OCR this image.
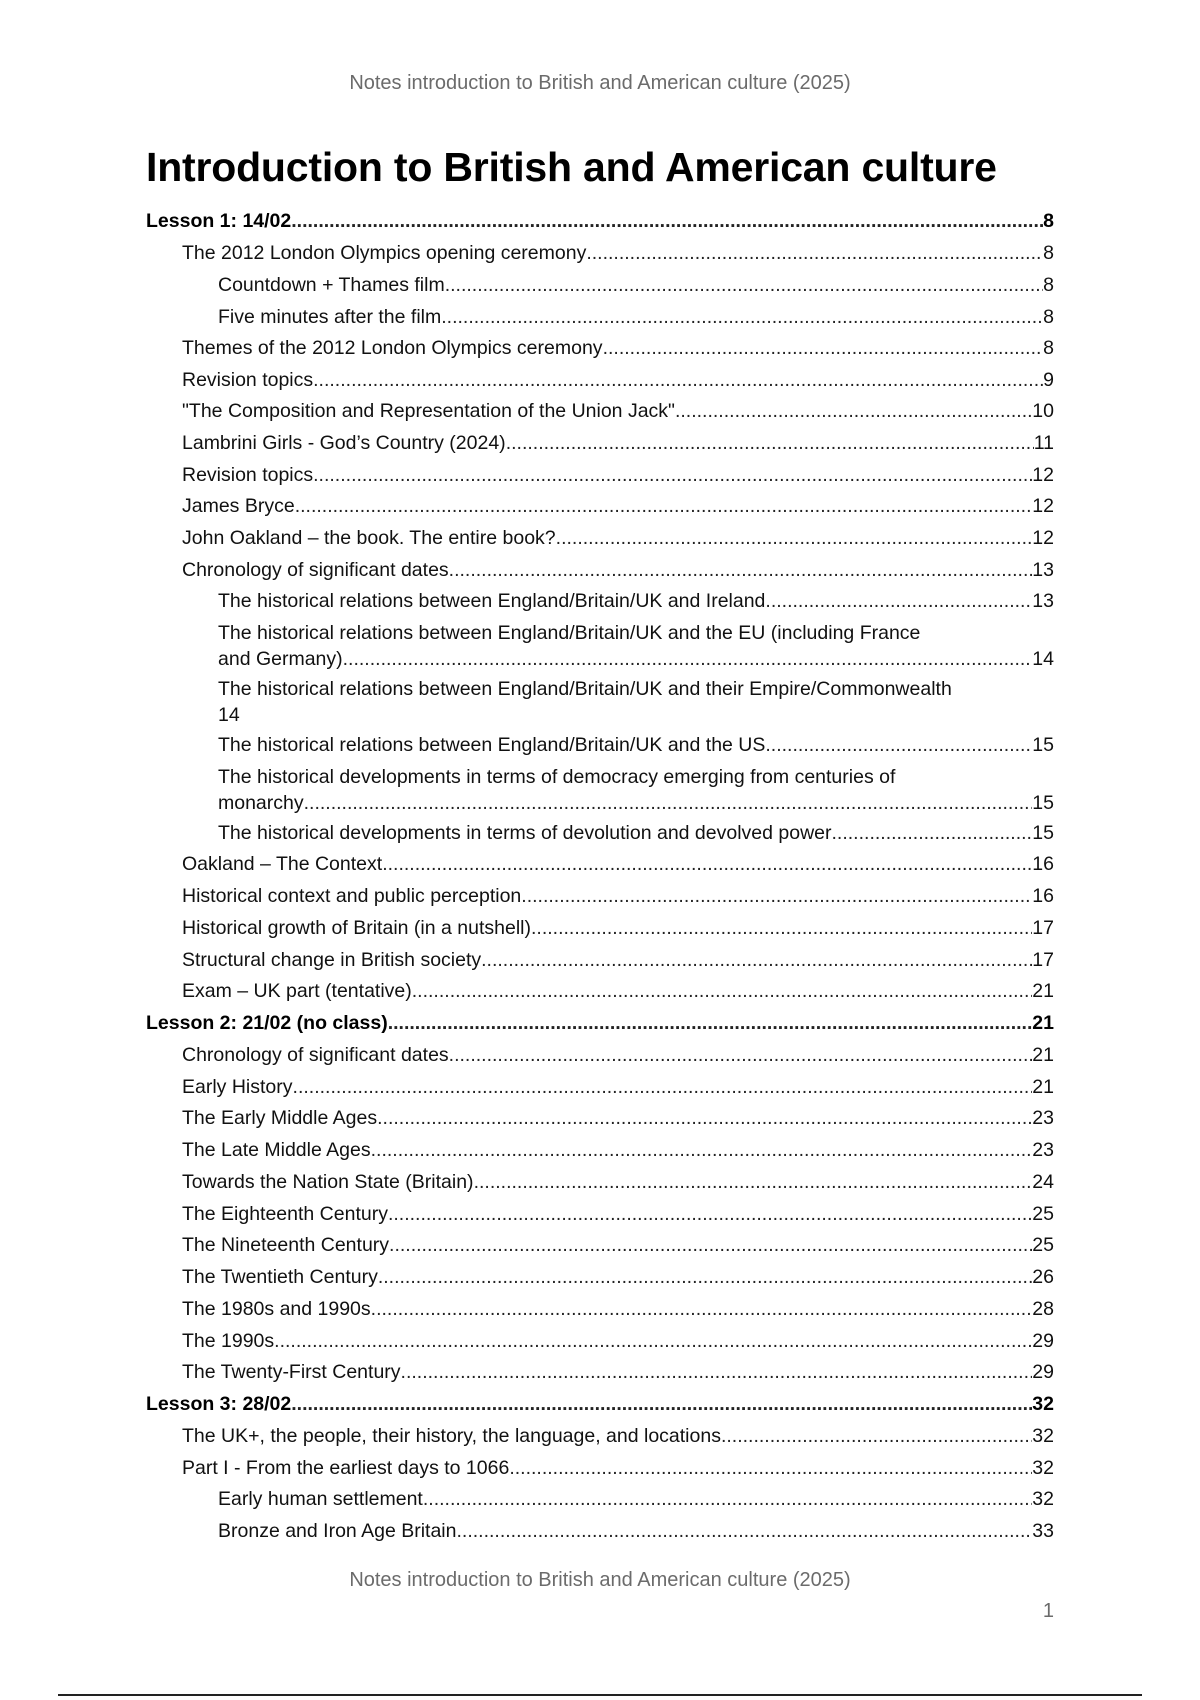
Notes introduction to British and American culture (2025)
Introduction to British and American culture
Lesson 1: 14/02 .....	8
The 2012 London Olympics opening ceremony .....	8
Countdown + Thames film .....	8
Five minutes after the film .....	8
Themes of the 2012 London Olympics ceremony .....	8
Revision topics .....	9
"The Composition and Representation of the Union Jack" .....	10
Lambrini Girls - God’s Country (2024) .....	11
Revision topics .....	12
James Bryce .....	12
John Oakland – the book. The entire book? .....	12
Chronology of significant dates .....	13
The historical relations between England/Britain/UK and Ireland .....	13
The historical relations between England/Britain/UK and the EU (including France
and Germany) .....	14
The historical relations between England/Britain/UK and their Empire/Commonwealth
14
The historical relations between England/Britain/UK and the US .....	15
The historical developments in terms of democracy emerging from centuries of
monarchy .....	15
The historical developments in terms of devolution and devolved power .....	15
Oakland – The Context .....	16
Historical context and public perception .....	16
Historical growth of Britain (in a nutshell) .....	17
Structural change in British society .....	17
Exam – UK part (tentative) .....	21
Lesson 2: 21/02 (no class) .....	21
Chronology of significant dates .....	21
Early History .....	21
The Early Middle Ages .....	23
The Late Middle Ages .....	23
Towards the Nation State (Britain) .....	24
The Eighteenth Century .....	25
The Nineteenth Century .....	25
The Twentieth Century .....	26
The 1980s and 1990s .....	28
The 1990s .....	29
The Twenty-First Century .....	29
Lesson 3: 28/02 .....	32
The UK+, the people, their history, the language, and locations .....	32
Part I - From the earliest days to 1066 .....	32
Early human settlement .....	32
Bronze and Iron Age Britain .....	33
Notes introduction to British and American culture (2025)
1
